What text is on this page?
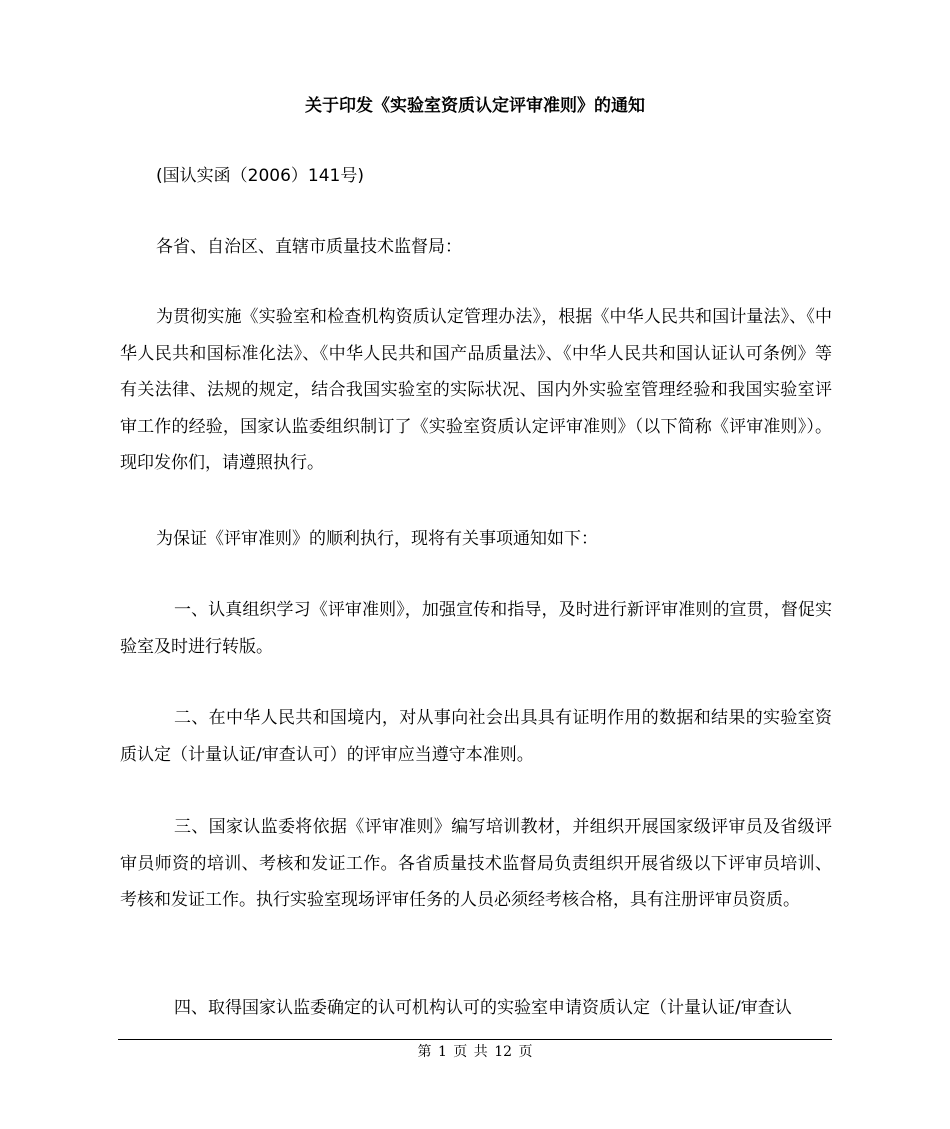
关于印发《实验室资质认定评审准则》的通知
(国认实函（2006）141号)
各省、自治区、直辖市质量技术监督局：
为贯彻实施《实验室和检查机构资质认定管理办法》，根据《中华人民共和国计量法》、《中华人民共和国标准化法》、《中华人民共和国产品质量法》、《中华人民共和国认证认可条例》等有关法律、法规的规定，结合我国实验室的实际状况、国内外实验室管理经验和我国实验室评审工作的经验，国家认监委组织制订了《实验室资质认定评审准则》（以下简称《评审准则》）。现印发你们，请遵照执行。
为保证《评审准则》的顺利执行，现将有关事项通知如下：
一、认真组织学习《评审准则》，加强宣传和指导，及时进行新评审准则的宣贯，督促实验室及时进行转版。
二、在中华人民共和国境内，对从事向社会出具具有证明作用的数据和结果的实验室资质认定（计量认证/审查认可）的评审应当遵守本准则。
三、国家认监委将依据《评审准则》编写培训教材，并组织开展国家级评审员及省级评审员师资的培训、考核和发证工作。各省质量技术监督局负责组织开展省级以下评审员培训、考核和发证工作。执行实验室现场评审任务的人员必须经考核合格，具有注册评审员资质。
四、取得国家认监委确定的认可机构认可的实验室申请资质认定（计量认证/审查认
第 1 页 共 12 页
